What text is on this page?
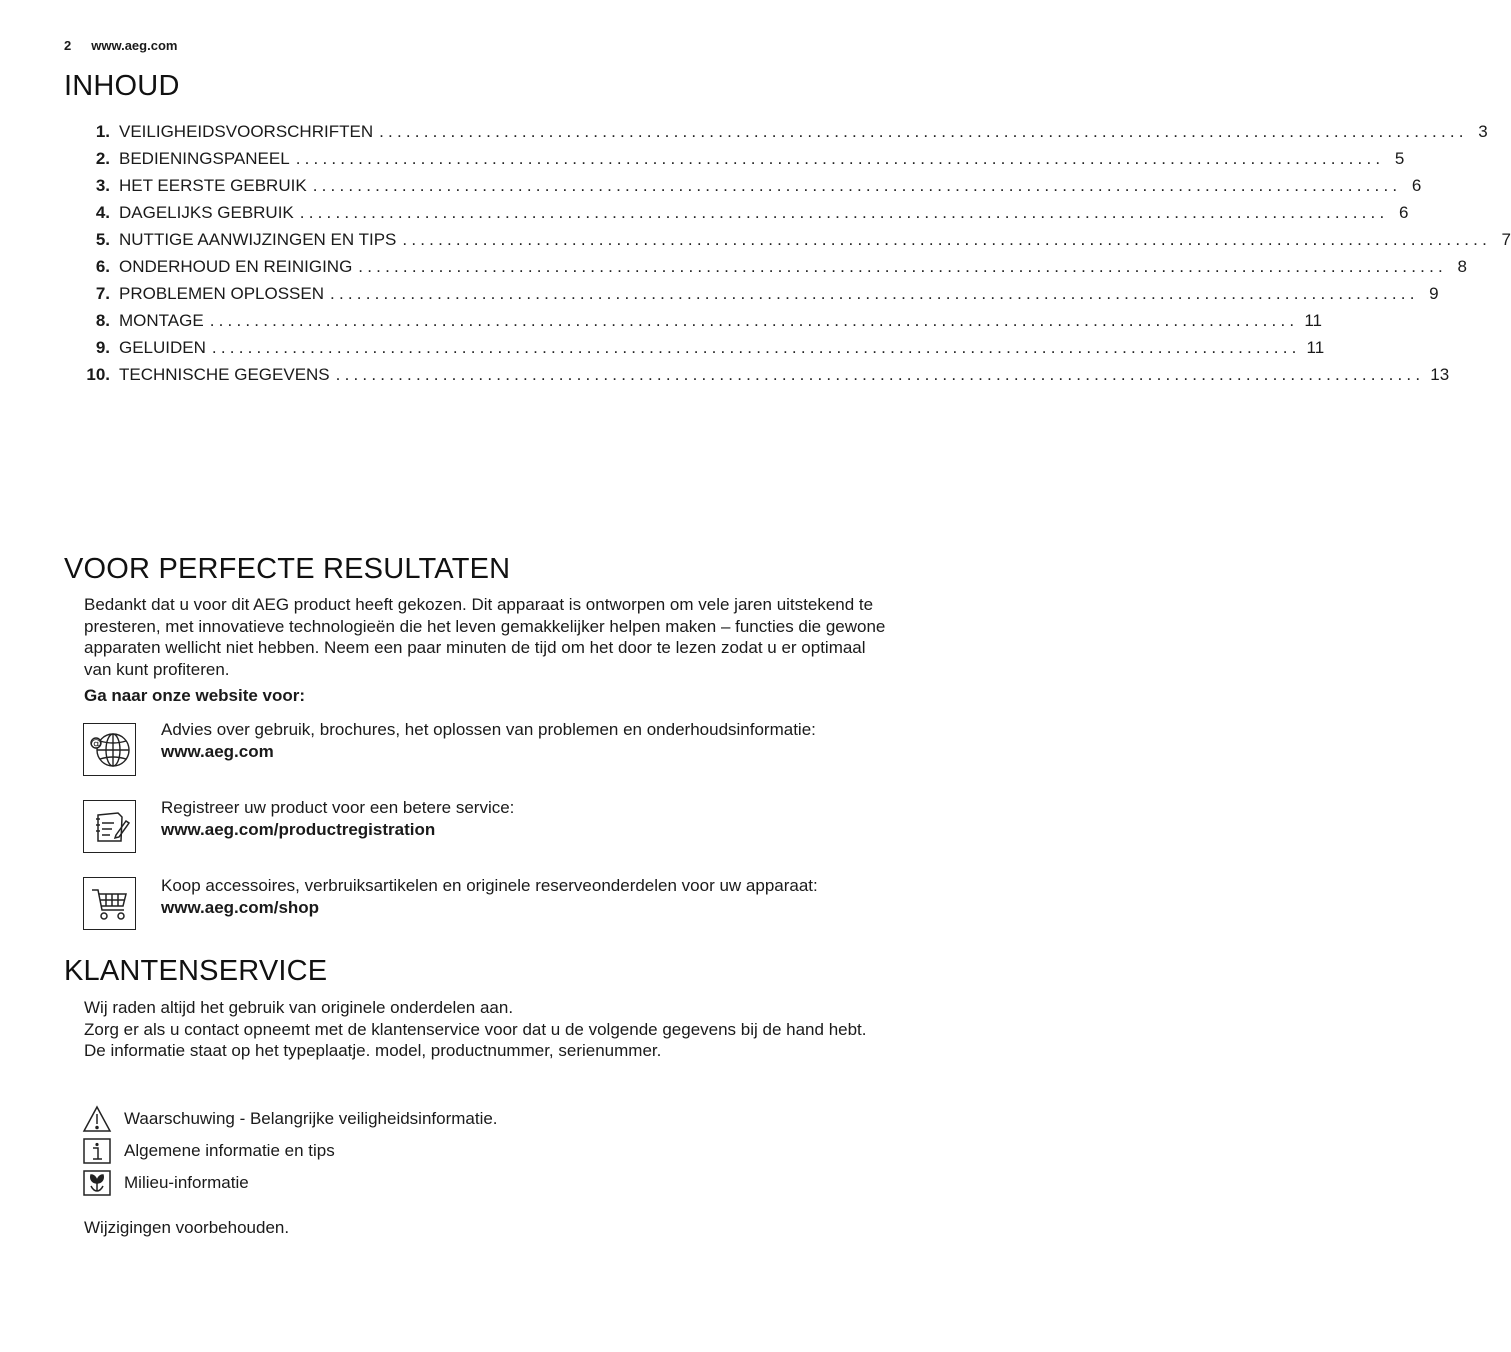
2 www.aeg.com
INHOUD
1. VEILIGHEIDSVOORSCHRIFTEN .......................................................................................................................... 3
2. BEDIENINGSPANEEL .......................................................................................................................... 5
3. HET EERSTE GEBRUIK .......................................................................................................................... 6
4. DAGELIJKS GEBRUIK .......................................................................................................................... 6
5. NUTTIGE AANWIJZINGEN EN TIPS .......................................................................................................................... 7
6. ONDERHOUD EN REINIGING .......................................................................................................................... 8
7. PROBLEMEN OPLOSSEN .......................................................................................................................... 9
8. MONTAGE .......................................................................................................................... 11
9. GELUIDEN .......................................................................................................................... 11
10. TECHNISCHE GEGEVENS .......................................................................................................................... 13
VOOR PERFECTE RESULTATEN

Bedankt dat u voor dit AEG product heeft gekozen. Dit apparaat is ontworpen om vele jaren uitstekend te presteren, met innovatieve technologieën die het leven gemakkelijker helpen maken – functies die gewone apparaten wellicht niet hebben. Neem een paar minuten de tijd om het door te lezen zodat u er optimaal van kunt profiteren.

Ga naar onze website voor:

@
Advies over gebruik, brochures, het oplossen van problemen en onderhoudsinformatie:
www.aeg.com
Registreer uw product voor een betere service:
www.aeg.com/productregistration
Koop accessoires, verbruiksartikelen en originele reserveonderdelen voor uw apparaat:
www.aeg.com/shop
KLANTENSERVICE
Wij raden altijd het gebruik van originele onderdelen aan.
Zorg er als u contact opneemt met de klantenservice voor dat u de volgende gegevens bij de hand hebt.
De informatie staat op het typeplaatje. model, productnummer, serienummer.
Waarschuwing - Belangrijke veiligheidsinformatie.
Algemene informatie en tips
Milieu-informatie

Wijzigingen voorbehouden.
